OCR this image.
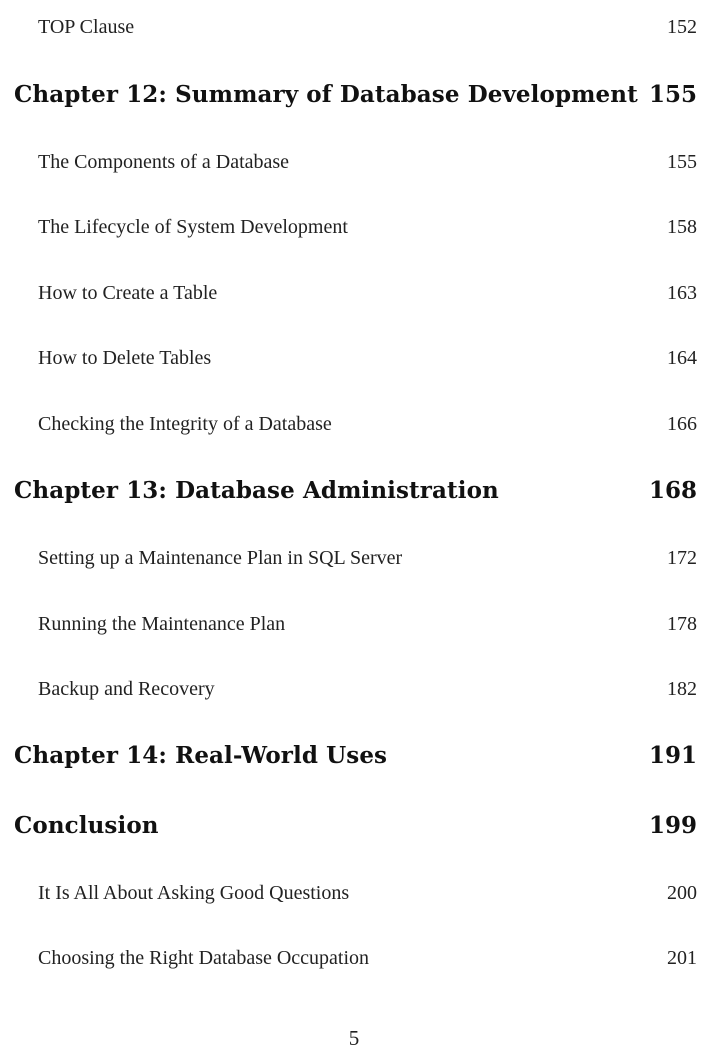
TOP Clause	152
Chapter 12: Summary of Database Development 155
The Components of a Database	155
The Lifecycle of System Development	158
How to Create a Table	163
How to Delete Tables	164
Checking the Integrity of a Database	166
Chapter 13: Database Administration	168
Setting up a Maintenance Plan in SQL Server	172
Running the Maintenance Plan	178
Backup and Recovery	182
Chapter 14: Real-World Uses	191
Conclusion	199
It Is All About Asking Good Questions	200
Choosing the Right Database Occupation	201
5
